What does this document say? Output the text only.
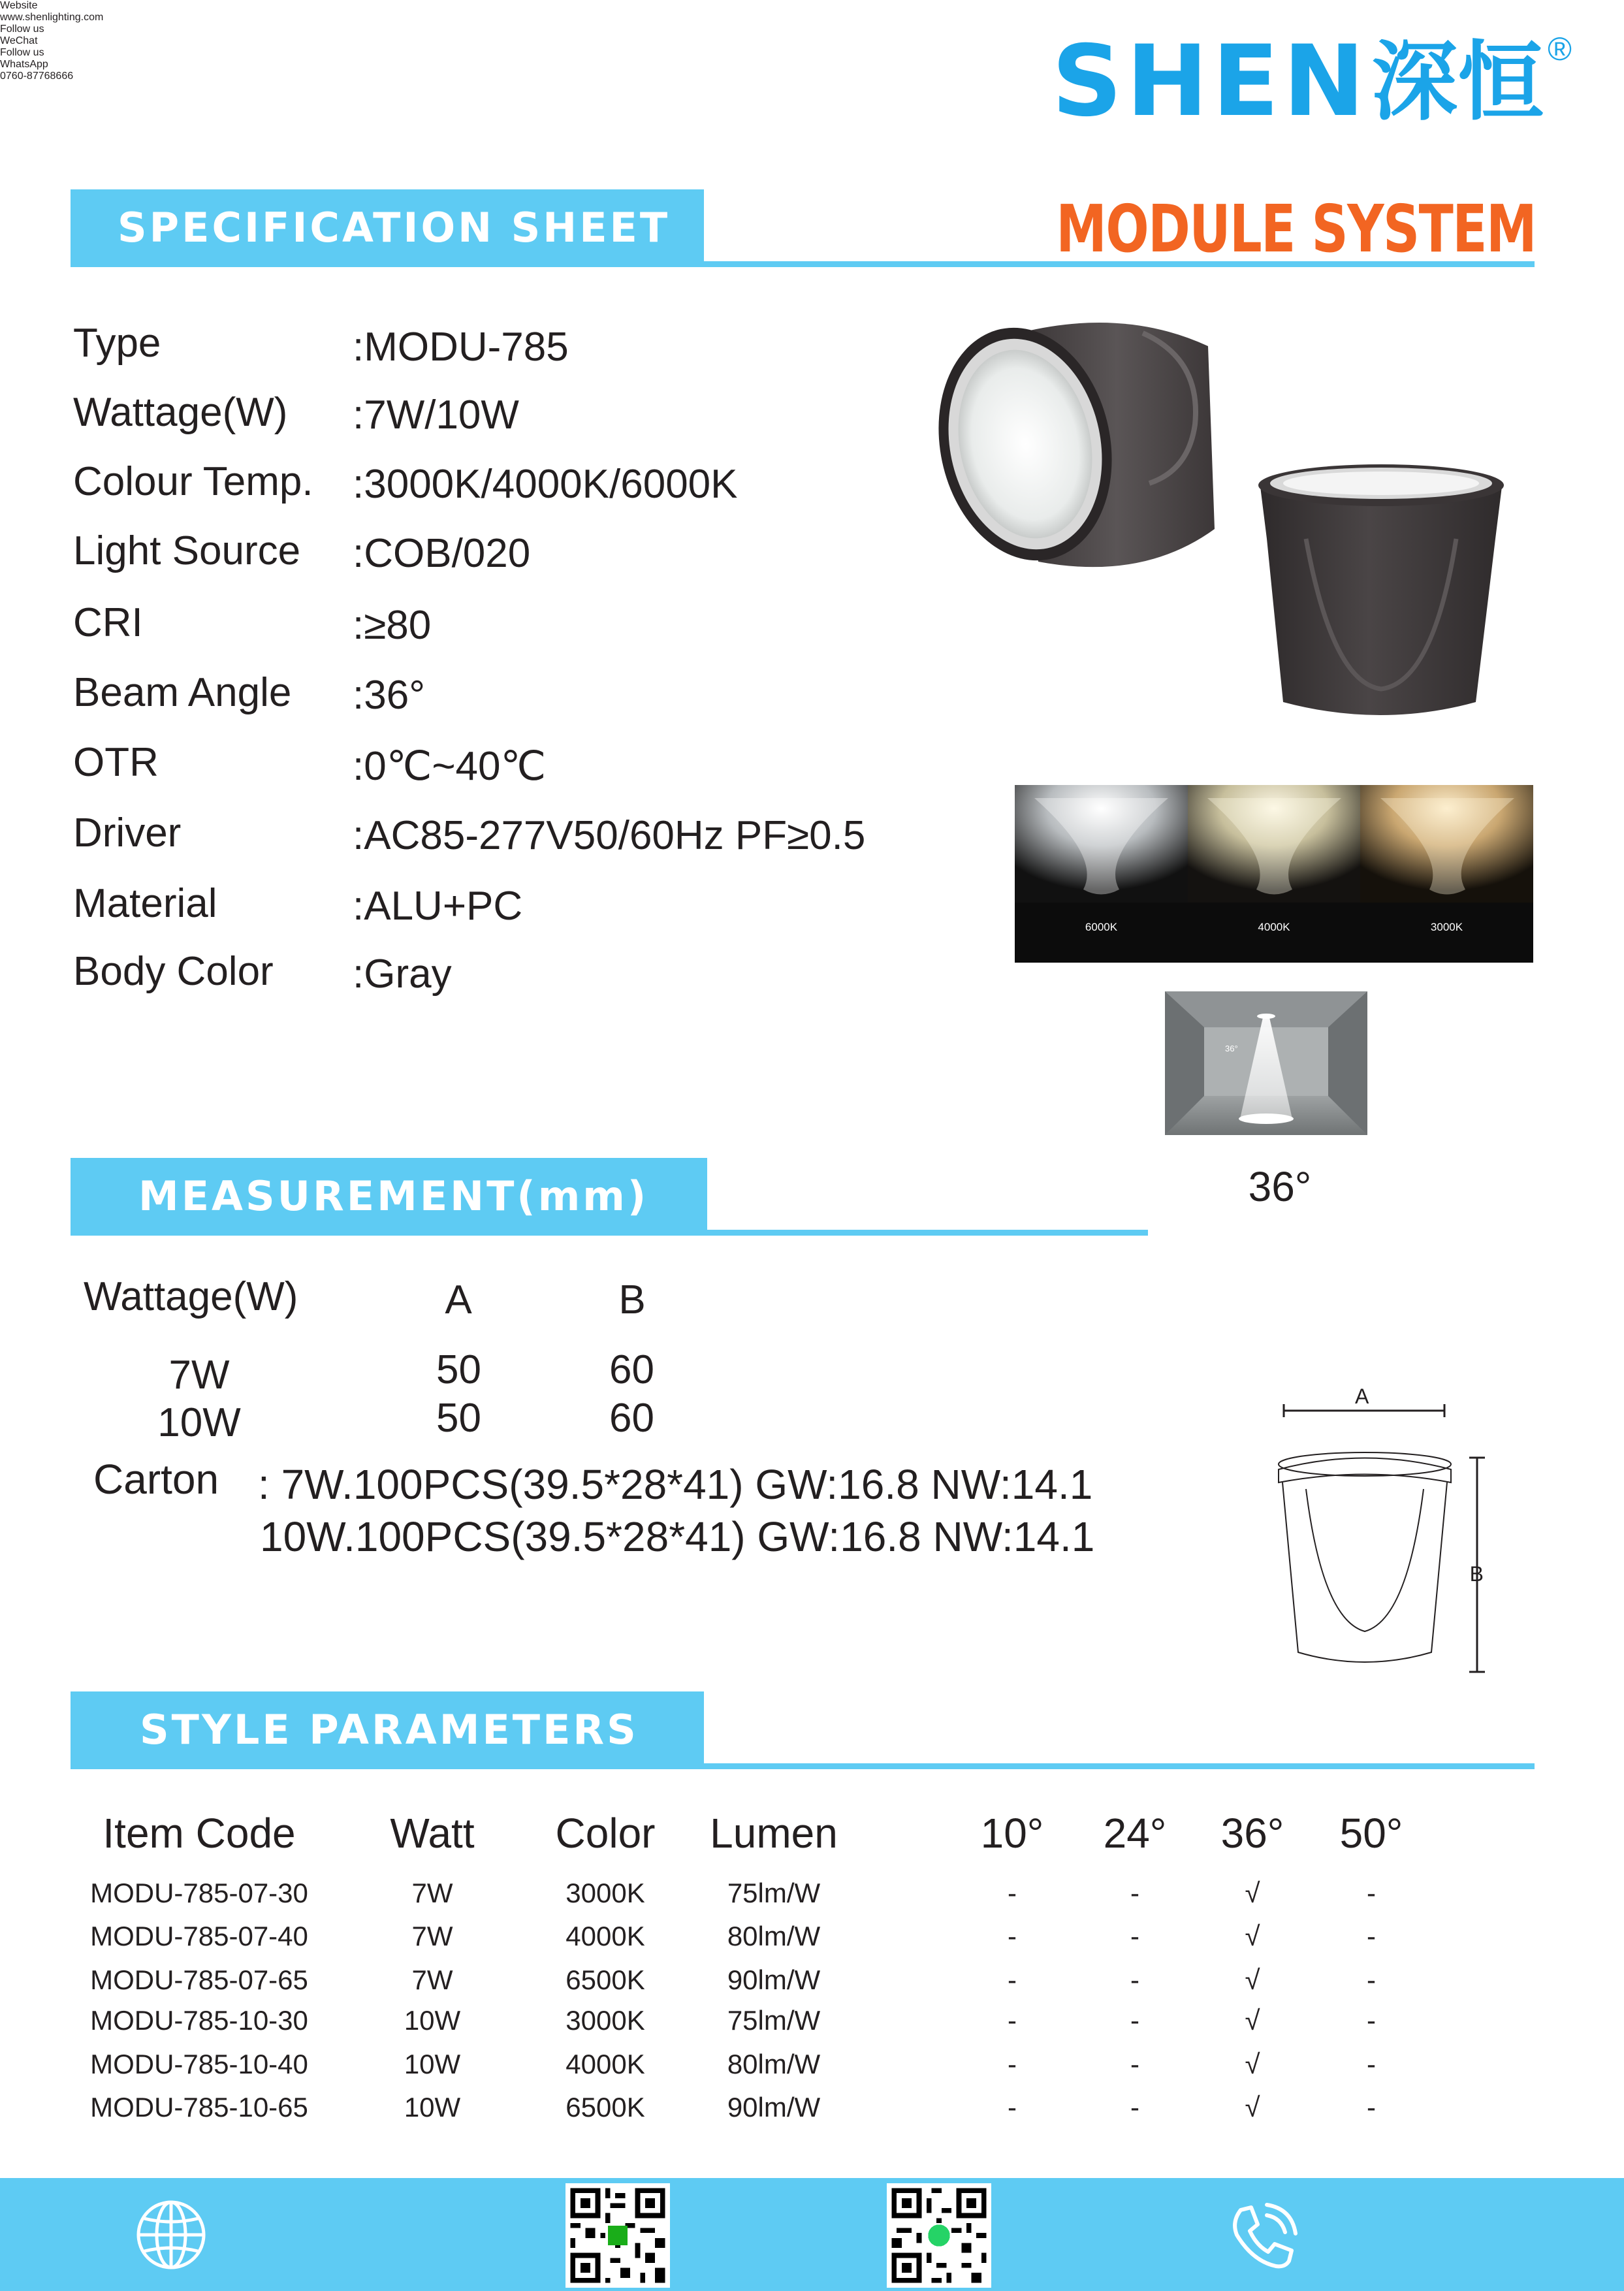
SHEN 深恒 ®
SPECIFICATION SHEET	MODULE SYSTEM
Type	:MODU-785
Wattage(W) :7W/10W
Colour Temp. :3000K/4000K/6000K
Light Source :COB/020
CRI	:≥80
Beam Angle :36°
OTR	:0℃~40℃
Driver	:AC85-277V50/60Hz PF≥0.5
Material	:ALU+PC
Body Color :Gray
6000K	4000K	3000K
36°
36°
MEASUREMENT(mm)
Wattage(W)	A	B
7W	50	60
10W	50	60
Carton : 7W.100PCS(39.5*28*41) GW:16.8 NW:14.1
10W.100PCS(39.5*28*41) GW:16.8 NW:14.1
A
B
STYLE PARAMETERS
Item Code	Watt	Color	Lumen	10°	24°	36°	50°
MODU-785-07-30	7W	3000K	75lm/W	-	-	√	-
MODU-785-07-40	7W	4000K	80lm/W	-	-	√	-
MODU-785-07-65	7W	6500K	90lm/W	-	-	√	-
MODU-785-10-30	10W	3000K	75lm/W	-	-	√	-
MODU-785-10-40	10W	4000K	80lm/W	-	-	√	-
MODU-785-10-65	10W	6500K	90lm/W	-	-	√	-
Website
www.shenlighting.com
Follow us
WeChat
Follow us
WhatsApp
0760-87768666
